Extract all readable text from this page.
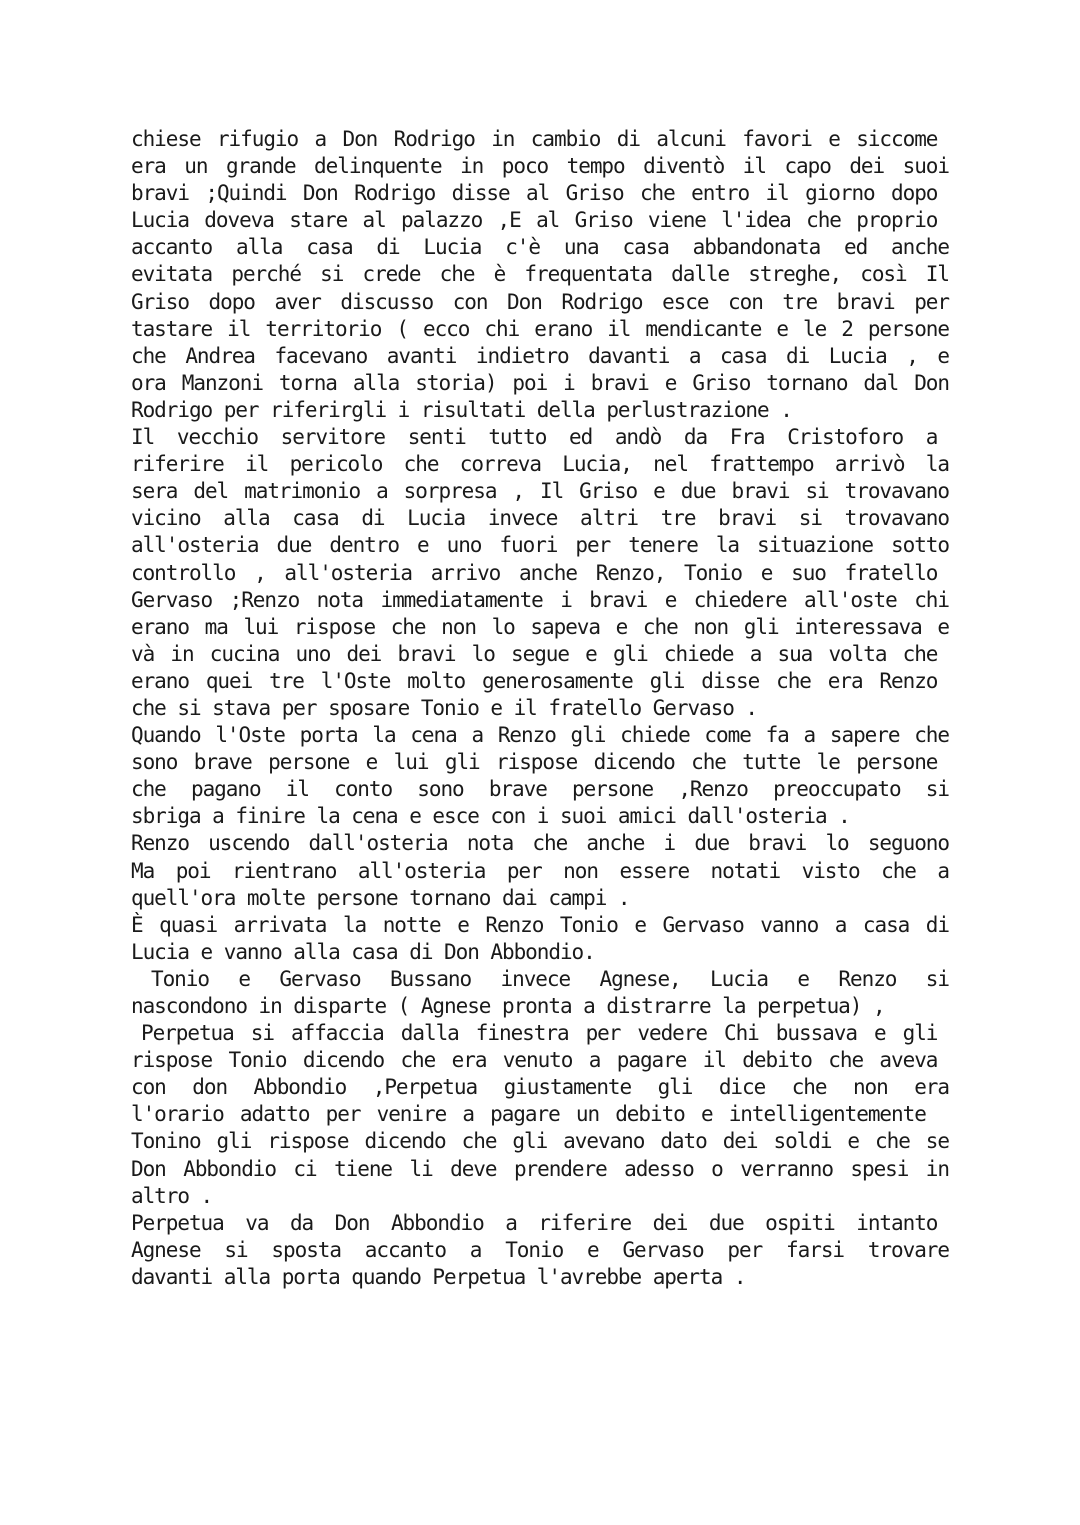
chiese rifugio a Don Rodrigo in cambio di alcuni favori e siccome
era un grande delinquente in poco tempo diventò il capo dei suoi
bravi ;Quindi Don Rodrigo disse al Griso che entro il giorno dopo
Lucia doveva stare al palazzo ,E al Griso viene l'idea che proprio
accanto alla casa di Lucia c'è una casa abbandonata ed anche
evitata perché si crede che è frequentata dalle streghe, così Il
Griso dopo aver discusso con Don Rodrigo esce con tre bravi per
tastare il territorio ( ecco chi erano il mendicante e le 2 persone
che Andrea facevano avanti indietro davanti a casa di Lucia , e
ora Manzoni torna alla storia) poi i bravi e Griso tornano dal Don
Rodrigo per riferirgli i risultati della perlustrazione .
Il vecchio servitore senti tutto ed andò da Fra Cristoforo a
riferire il pericolo che correva Lucia, nel frattempo arrivò la
sera del matrimonio a sorpresa , Il Griso e due bravi si trovavano
vicino alla casa di Lucia invece altri tre bravi si trovavano
all'osteria due dentro e uno fuori per tenere la situazione sotto
controllo , all'osteria arrivo anche Renzo, Tonio e suo fratello
Gervaso ;Renzo nota immediatamente i bravi e chiedere all'oste chi
erano ma lui rispose che non lo sapeva e che non gli interessava e
và in cucina uno dei bravi lo segue e gli chiede a sua volta che
erano quei tre l'Oste molto generosamente gli disse che era Renzo
che si stava per sposare Tonio e il fratello Gervaso .
Quando l'Oste porta la cena a Renzo gli chiede come fa a sapere che
sono brave persone e lui gli rispose dicendo che tutte le persone
che pagano il conto sono brave persone ,Renzo preoccupato si
sbriga a finire la cena e esce con i suoi amici dall'osteria .
Renzo uscendo dall'osteria nota che anche i due bravi lo seguono
Ma poi rientrano all'osteria per non essere notati visto che a
quell'ora molte persone tornano dai campi .
È quasi arrivata la notte e Renzo Tonio e Gervaso vanno a casa di
Lucia e vanno alla casa di Don Abbondio.
Tonio e Gervaso Bussano invece Agnese, Lucia e Renzo si
nascondono in disparte ( Agnese pronta a distrarre la perpetua) ,
Perpetua si affaccia dalla finestra per vedere Chi bussava e gli
rispose Tonio dicendo che era venuto a pagare il debito che aveva
con don Abbondio ,Perpetua giustamente gli dice che non era
l'orario adatto per venire a pagare un debito e intelligentemente
Tonino gli rispose dicendo che gli avevano dato dei soldi e che se
Don Abbondio ci tiene li deve prendere adesso o verranno spesi in
altro .
Perpetua va da Don Abbondio a riferire dei due ospiti intanto
Agnese si sposta accanto a Tonio e Gervaso per farsi trovare
davanti alla porta quando Perpetua l'avrebbe aperta .
